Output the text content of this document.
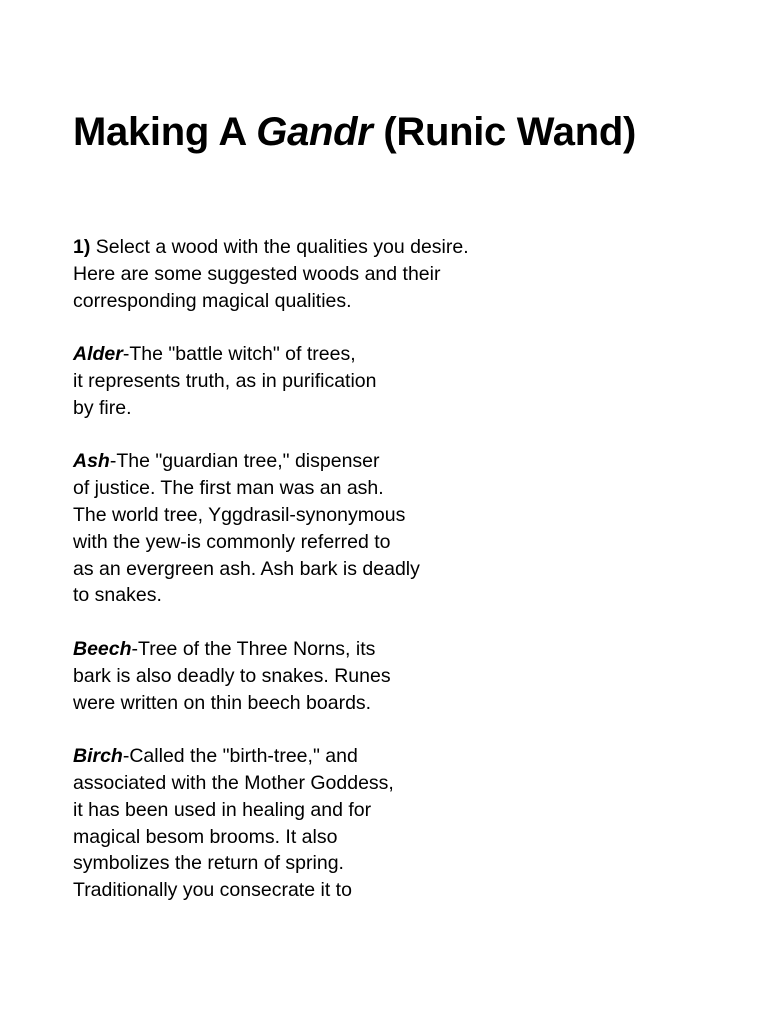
Making A Gandr (Runic Wand)

1) Select a wood with the qualities you desire.
Here are some suggested woods and their
corresponding magical qualities.

Alder-The "battle witch" of trees,
it represents truth, as in purification
by fire.

Ash-The "guardian tree," dispenser
of justice. The first man was an ash.
The world tree, Yggdrasil-synonymous
with the yew-is commonly referred to
as an evergreen ash. Ash bark is deadly
to snakes.

Beech-Tree of the Three Norns, its
bark is also deadly to snakes. Runes
were written on thin beech boards.

Birch-Called the "birth-tree," and
associated with the Mother Goddess,
it has been used in healing and for
magical besom brooms. It also
symbolizes the return of spring.
Traditionally you consecrate it to
